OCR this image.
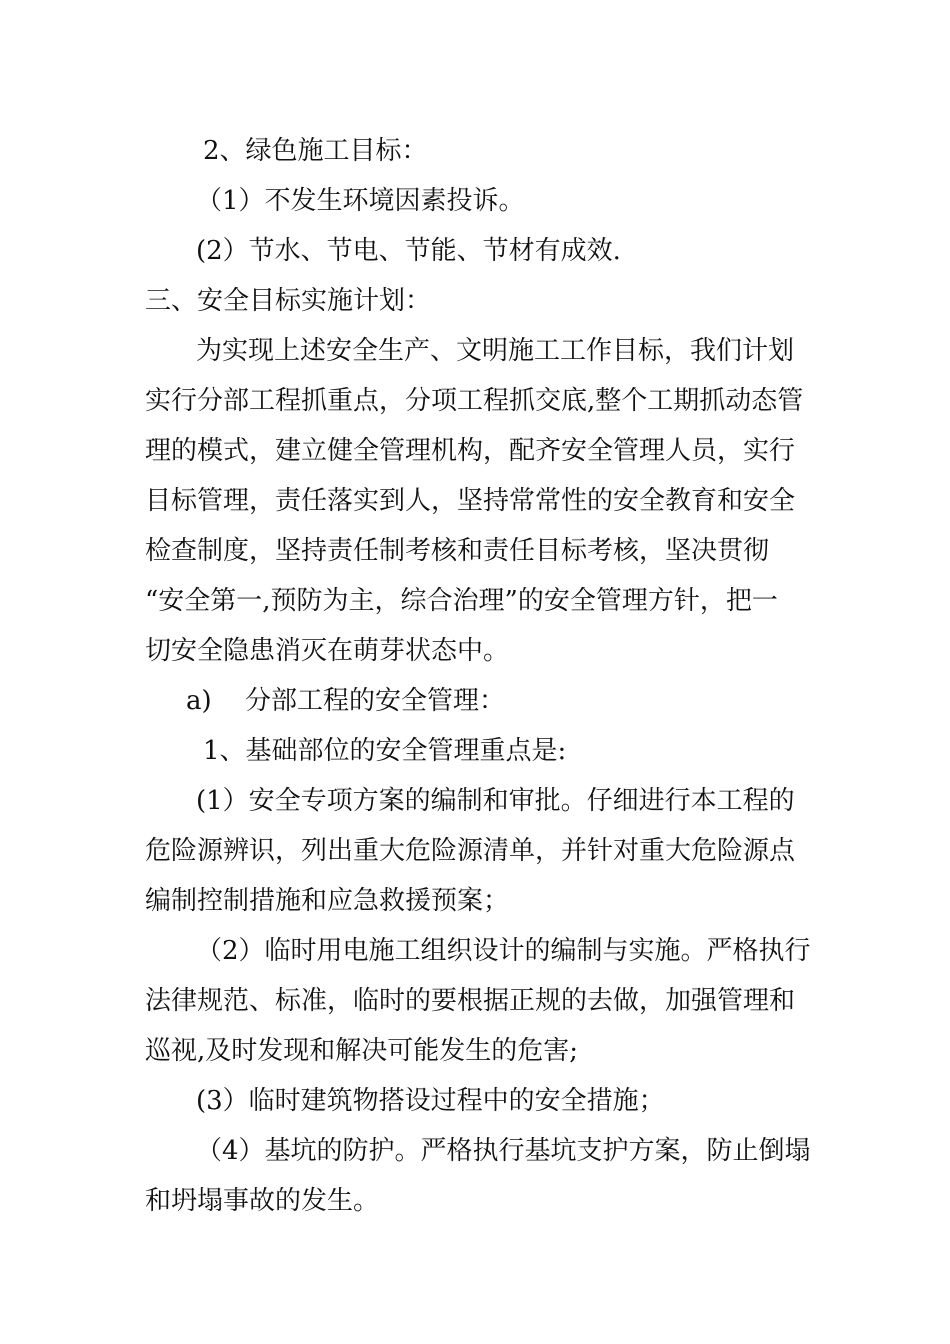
2、绿色施工目标：
（1）不发生环境因素投诉。
(2）节水、节电、节能、节材有成效.
三、安全目标实施计划：
为实现上述安全生产、文明施工工作目标，我们计划
实行分部工程抓重点，分项工程抓交底,整个工期抓动态管
理的模式，建立健全管理机构，配齐安全管理人员，实行
目标管理，责任落实到人，坚持常常性的安全教育和安全
检查制度，坚持责任制考核和责任目标考核，坚决贯彻
“安全第一,预防为主，综合治理”的安全管理方针，把一
切安全隐患消灭在萌芽状态中。
a) 分部工程的安全管理：
1、基础部位的安全管理重点是:
(1）安全专项方案的编制和审批。仔细进行本工程的
危险源辨识，列出重大危险源清单，并针对重大危险源点
编制控制措施和应急救援预案；
（2）临时用电施工组织设计的编制与实施。严格执行
法律规范、标准，临时的要根据正规的去做，加强管理和
巡视,及时发现和解决可能发生的危害;
(3）临时建筑物搭设过程中的安全措施；
（4）基坑的防护。严格执行基坑支护方案，防止倒塌
和坍塌事故的发生。
